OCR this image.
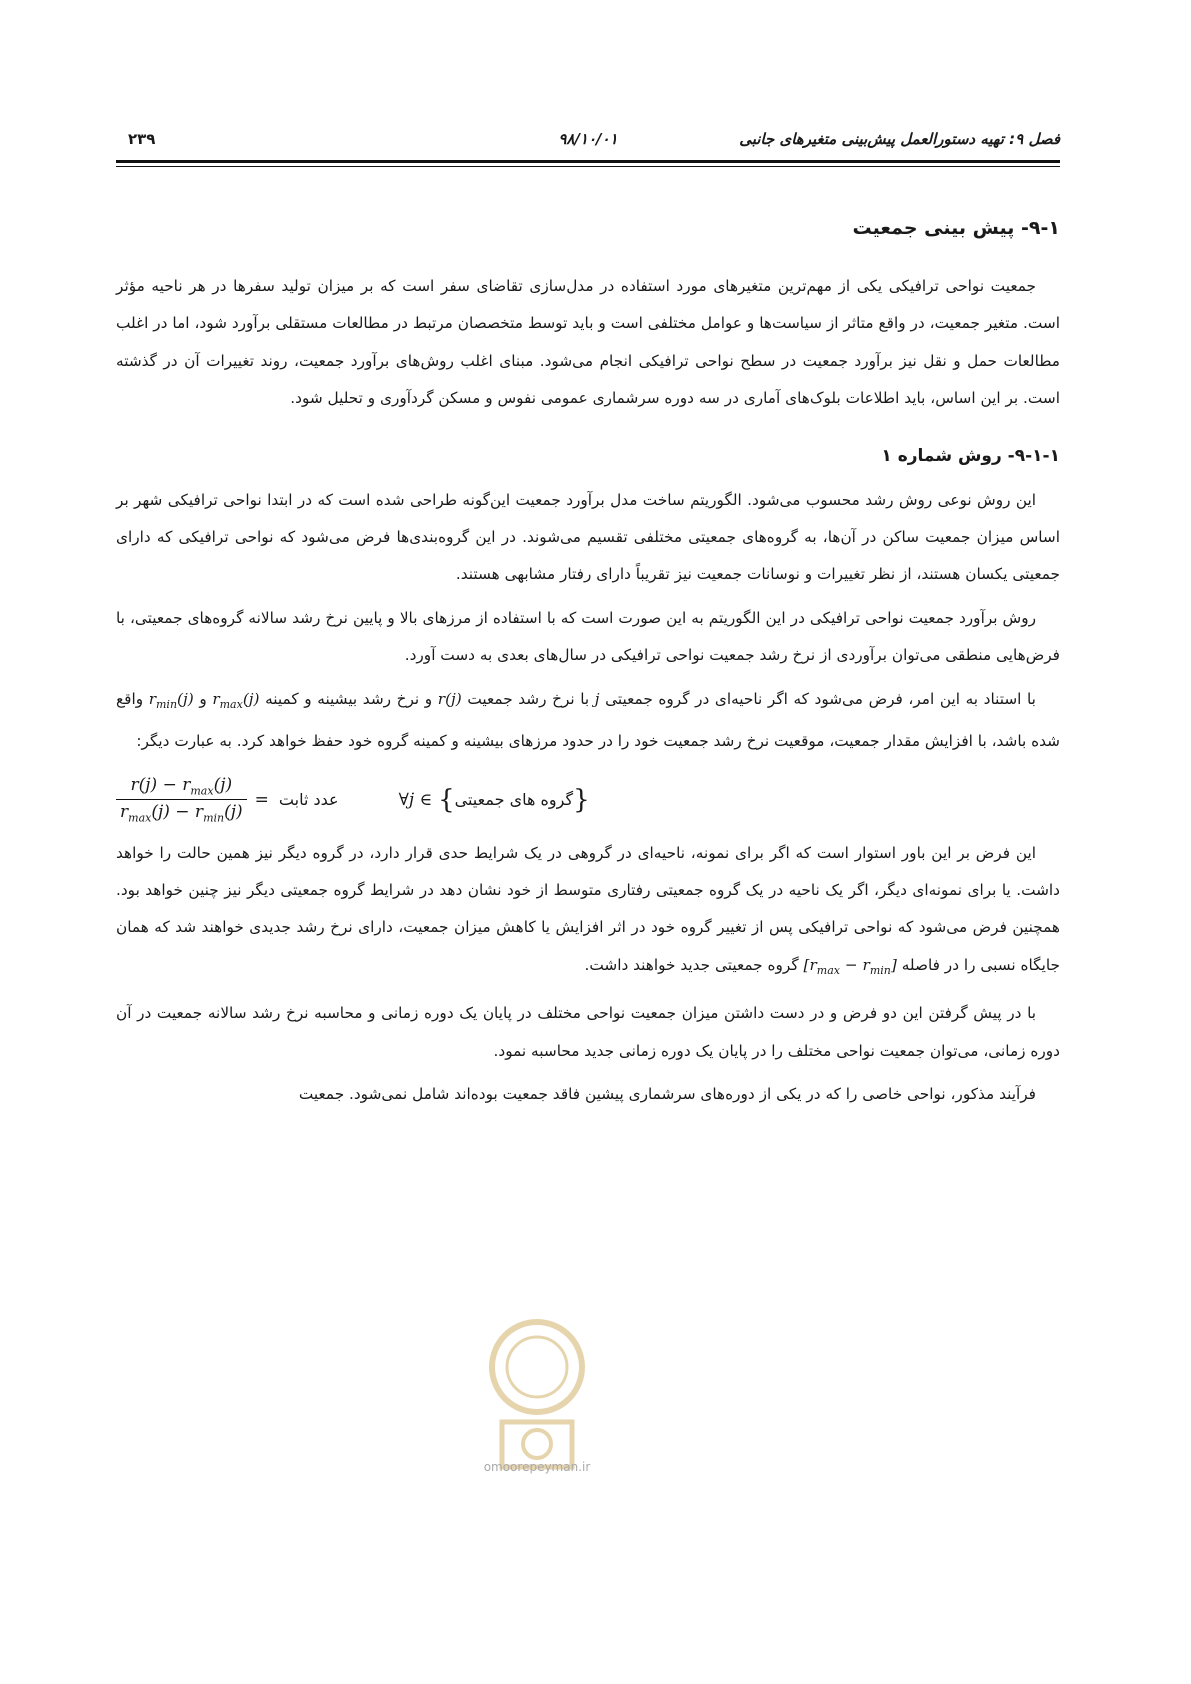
فصل ۹: تهیه دستورالعمل پیش‌بینی متغیرهای جانبی
۹۸/۱۰/۰۱
۲۳۹
۹-۱- پیش بینی جمعیت

جمعیت نواحی ترافیکی یکی از مهم‌ترین متغیرهای مورد استفاده در مدل‌سازی تقاضای سفر است که بر میزان تولید سفرها در هر ناحیه مؤثر است. متغیر جمعیت، در واقع متاثر از سیاست‌ها و عوامل مختلفی است و باید توسط متخصصان مرتبط در مطالعات مستقلی برآورد شود، اما در اغلب مطالعات حمل و نقل نیز برآورد جمعیت در سطح نواحی ترافیکی انجام می‌شود. مبنای اغلب روش‌های برآورد جمعیت، روند تغییرات آن در گذشته است. بر این اساس، باید اطلاعات بلوک‌های آماری در سه دوره سرشماری عمومی نفوس و مسکن گردآوری و تحلیل شود.

۹-۱-۱- روش شماره ۱

این روش نوعی روش رشد محسوب می‌شود. الگوریتم ساخت مدل برآورد جمعیت این‌گونه طراحی شده است که در ابتدا نواحی ترافیکی شهر بر اساس میزان جمعیت ساکن در آن‌ها، به گروه‌های جمعیتی مختلفی تقسیم می‌شوند. در این گروه‌بندی‌ها فرض می‌شود که نواحی ترافیکی که دارای جمعیتی یکسان هستند، از نظر تغییرات و نوسانات جمعیت نیز تقریباً دارای رفتار مشابهی هستند.

روش برآورد جمعیت نواحی ترافیکی در این الگوریتم به این صورت است که با استفاده از مرزهای بالا و پایین نرخ رشد سالانه گروه‌های جمعیتی، با فرض‌هایی منطقی می‌توان برآوردی از نرخ رشد جمعیت نواحی ترافیکی در سال‌های بعدی به دست آورد.

با استناد به این امر، فرض می‌شود که اگر ناحیه‌ای در گروه جمعیتی j با نرخ رشد جمعیت r(j) و نرخ رشد بیشینه و کمینه $r_{max}(j)$ و $r_{min}(j)$ واقع شده باشد، با افزایش مقدار جمعیت، موقعیت نرخ رشد جمعیت خود را در حدود مرزهای بیشینه و کمینه گروه خود حفظ خواهد کرد. به عبارت دیگر:

$\frac{r(j) - r_{max}(j)}{r_{max}(j) - r_{min}(j)}$ = عدد ثابت	∀j ∈ { گروه های جمعیتی }

این فرض بر این باور استوار است که اگر برای نمونه، ناحیه‌ای در گروهی در یک شرایط حدی قرار دارد، در گروه دیگر نیز همین حالت را خواهد داشت. یا برای نمونه‌ای دیگر، اگر یک ناحیه در یک گروه جمعیتی رفتاری متوسط از خود نشان دهد در شرایط گروه جمعیتی دیگر نیز چنین خواهد بود. همچنین فرض می‌شود که نواحی ترافیکی پس از تغییر گروه خود در اثر افزایش یا کاهش میزان جمعیت، دارای نرخ رشد جدیدی خواهند شد که همان جایگاه نسبی را در فاصله $[r_{max} - r_{min}]$ گروه جمعیتی جدید خواهند داشت.

با در پیش گرفتن این دو فرض و در دست داشتن میزان جمعیت نواحی مختلف در پایان یک دوره زمانی و محاسبه نرخ رشد سالانه جمعیت در آن دوره زمانی، می‌توان جمعیت نواحی مختلف را در پایان یک دوره زمانی جدید محاسبه نمود.

فرآیند مذکور، نواحی خاصی را که در یکی از دوره‌های سرشماری پیشین فاقد جمعیت بوده‌اند شامل نمی‌شود. جمعیت

omoorepeyman.ir
